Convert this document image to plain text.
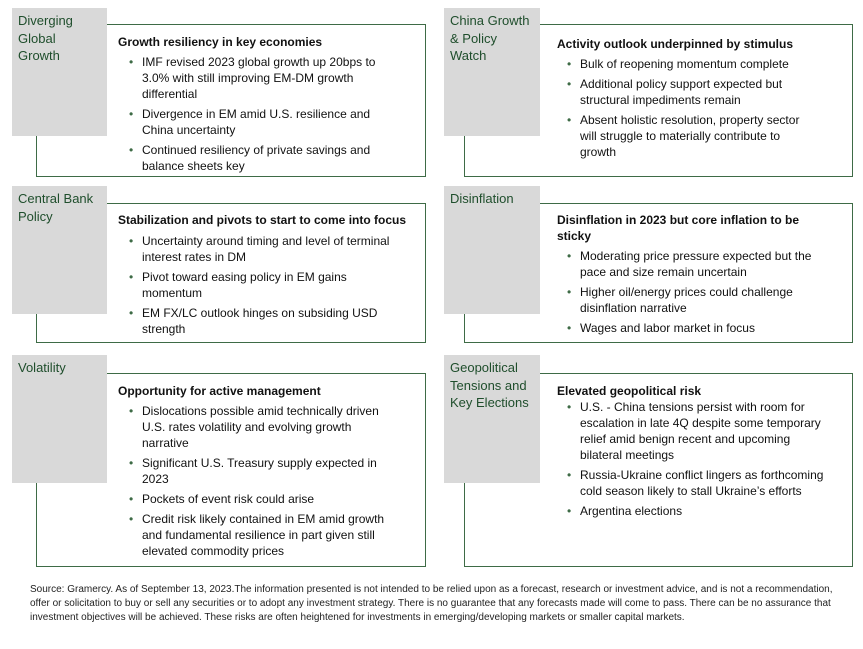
Diverging Global Growth
Growth resiliency in key economies
• IMF revised 2023 global growth up 20bps to 3.0% with still improving EM-DM growth differential
• Divergence in EM amid U.S. resilience and China uncertainty
• Continued resiliency of private savings and balance sheets key
China Growth & Policy Watch
Activity outlook underpinned by stimulus
• Bulk of reopening momentum complete
• Additional policy support expected but structural impediments remain
• Absent holistic resolution, property sector will struggle to materially contribute to growth
Central Bank Policy	Stabilization and pivots to start to come into focus
• Uncertainty around timing and level of terminal interest rates in DM
• Pivot toward easing policy in EM gains momentum
• EM FX/LC outlook hinges on subsiding USD strength
Disinflation
Disinflation in 2023 but core inflation to be sticky
• Moderating price pressure expected but the pace and size remain uncertain
• Higher oil/energy prices could challenge disinflation narrative
• Wages and labor market in focus
Volatility
Opportunity for active management
• Dislocations possible amid technically driven U.S. rates volatility and evolving growth narrative
• Significant U.S. Treasury supply expected in 2023
• Pockets of event risk could arise
• Credit risk likely contained in EM amid growth and fundamental resilience in part given still elevated commodity prices
Geopolitical Tensions and Key Elections
Elevated geopolitical risk
• U.S. - China tensions persist with room for escalation in late 4Q despite some temporary relief amid benign recent and upcoming bilateral meetings
• Russia-Ukraine conflict lingers as forthcoming cold season likely to stall Ukraine’s efforts
• Argentina elections
Source: Gramercy. As of September 13, 2023.The information presented is not intended to be relied upon as a forecast, research or investment advice, and is not a recommendation, offer or solicitation to buy or sell any securities or to adopt any investment strategy. There is no guarantee that any forecasts made will come to pass. There can be no assurance that investment objectives will be achieved. These risks are often heightened for investments in emerging/developing markets or smaller capital markets.
